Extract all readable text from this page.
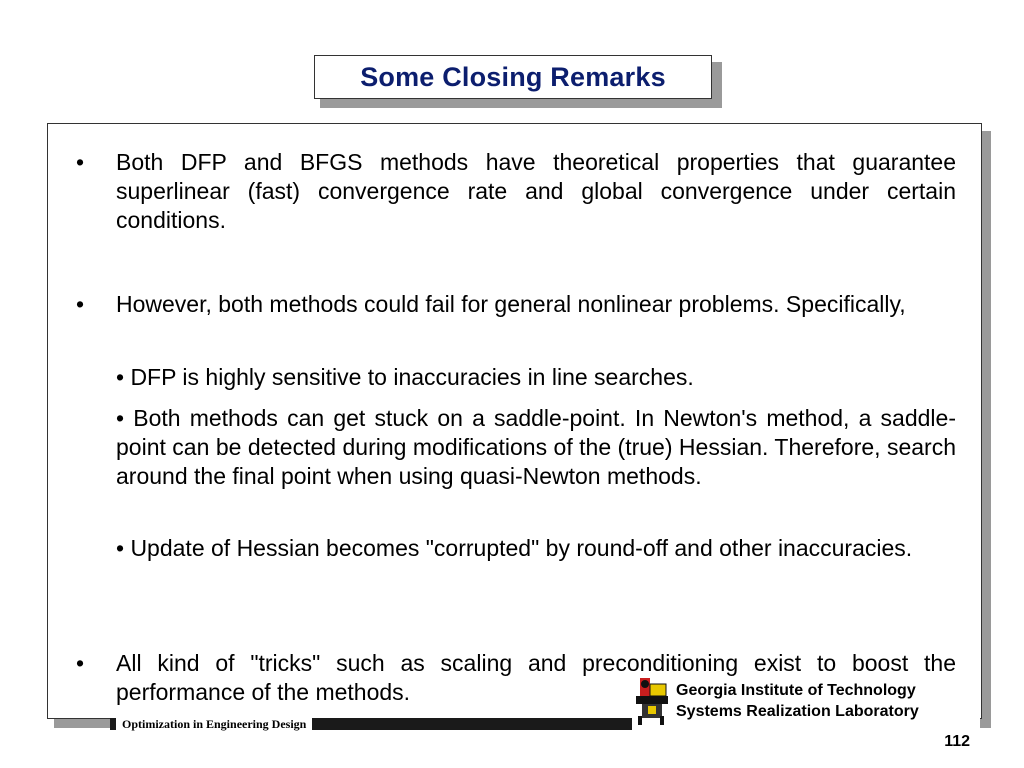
Some Closing Remarks
•	Both DFP and BFGS methods have theoretical properties that guarantee superlinear (fast) convergence rate and global convergence under certain conditions.
•	However, both methods could fail for general nonlinear problems. Specifically,
• DFP is highly sensitive to inaccuracies in line searches.
• Both methods can get stuck on a saddle-point. In Newton's method, a saddle-point can be detected during modifications of the (true) Hessian. Therefore, search around the final point when using quasi-Newton methods.
• Update of Hessian becomes "corrupted" by round-off and other inaccuracies.
•	All kind of "tricks" such as scaling and preconditioning exist to boost the performance of the methods.
Optimization in Engineering Design
Georgia Institute of Technology
Systems Realization Laboratory
112
